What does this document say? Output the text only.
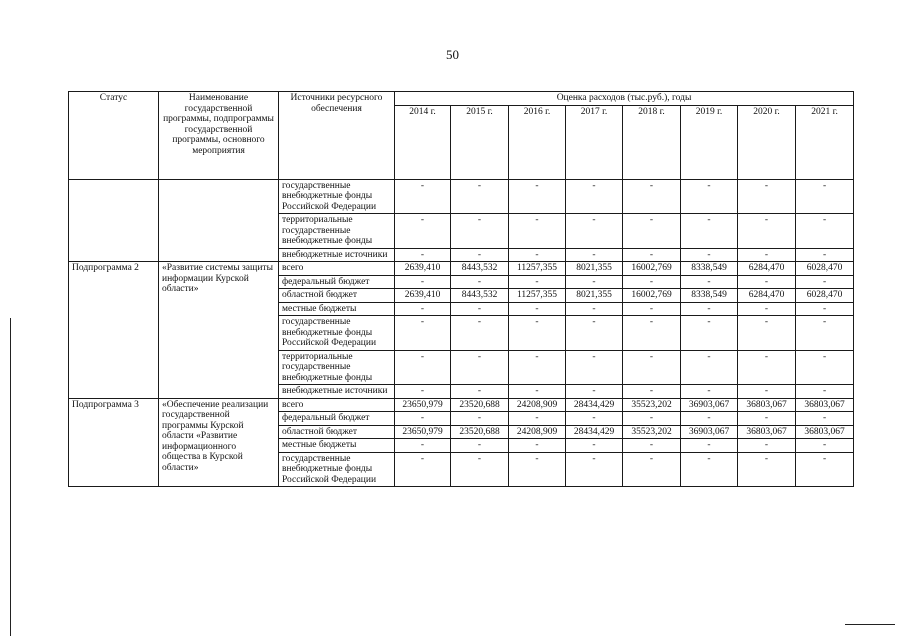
50
Статус	Наименование государственной программы, подпрограммы государственной программы, основного мероприятия	Источники ресурсного обеспечения	Оценка расходов (тыс.руб.), годы							
			2014 г.	2015 г.	2016 г.	2017 г.	2018 г.	2019 г.	2020 г.	2021 г.
		государственные внебюджетные фонды Российской Федерации	-	-	-	-	-	-	-	-
		территориальные государственные внебюджетные фонды	-	-	-	-	-	-	-	-
		внебюджетные источники	-	-	-	-	-	-	-	-
Подпрограмма 2	«Развитие системы защиты информации Курской области»	всего	2639,410	8443,532	11257,355	8021,355	16002,769	8338,549	6284,470	6028,470
		федеральный бюджет	-	-	-	-	-	-	-	-
		областной бюджет	2639,410	8443,532	11257,355	8021,355	16002,769	8338,549	6284,470	6028,470
		местные бюджеты	-	-	-	-	-	-	-	-
		государственные внебюджетные фонды Российской Федерации	-	-	-	-	-	-	-	-
		территориальные государственные внебюджетные фонды	-	-	-	-	-	-	-	-
		внебюджетные источники	-	-	-	-	-	-	-	-
Подпрограмма 3	«Обеспечение реализации государственной программы Курской области «Развитие информационного общества в Курской области»	всего	23650,979	23520,688	24208,909	28434,429	35523,202	36903,067	36803,067	36803,067
		федеральный бюджет	-	-	-	-	-	-	-	-
		областной бюджет	23650,979	23520,688	24208,909	28434,429	35523,202	36903,067	36803,067	36803,067
		местные бюджеты	-	-	-	-	-	-	-	-
		государственные внебюджетные фонды Российской Федерации	-	-	-	-	-	-	-	-
